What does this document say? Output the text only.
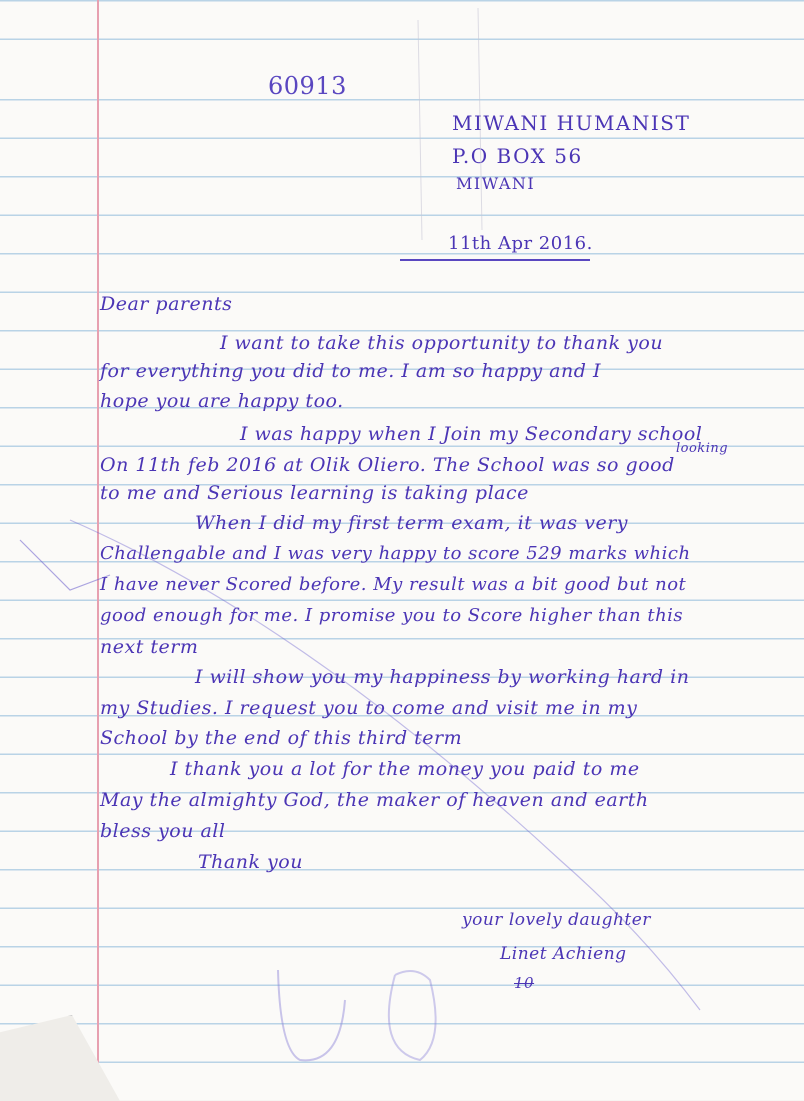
60913
MIWANI HUMANIST
P.O BOX 56
MIWANI
11th Apr 2016.
Dear parents
I want to take this opportunity to thank you
for everything you did to me. I am so happy and I
hope you are happy too.
I was happy when I Join my Secondary school
looking
On 11th feb 2016 at Olik Oliero. The School was so good
to me and Serious learning is taking place
When I did my first term exam, it was very
Challengable and I was very happy to score 529 marks which
I have never Scored before. My result was a bit good but not
good enough for me. I promise you to Score higher than this
next term
I will show you my happiness by working hard in
my Studies. I request you to come and visit me in my
School by the end of this third term
I thank you a lot for the money you paid to me
May the almighty God, the maker of heaven and earth
bless you all
Thank you
your lovely daughter
Linet Achieng
10
